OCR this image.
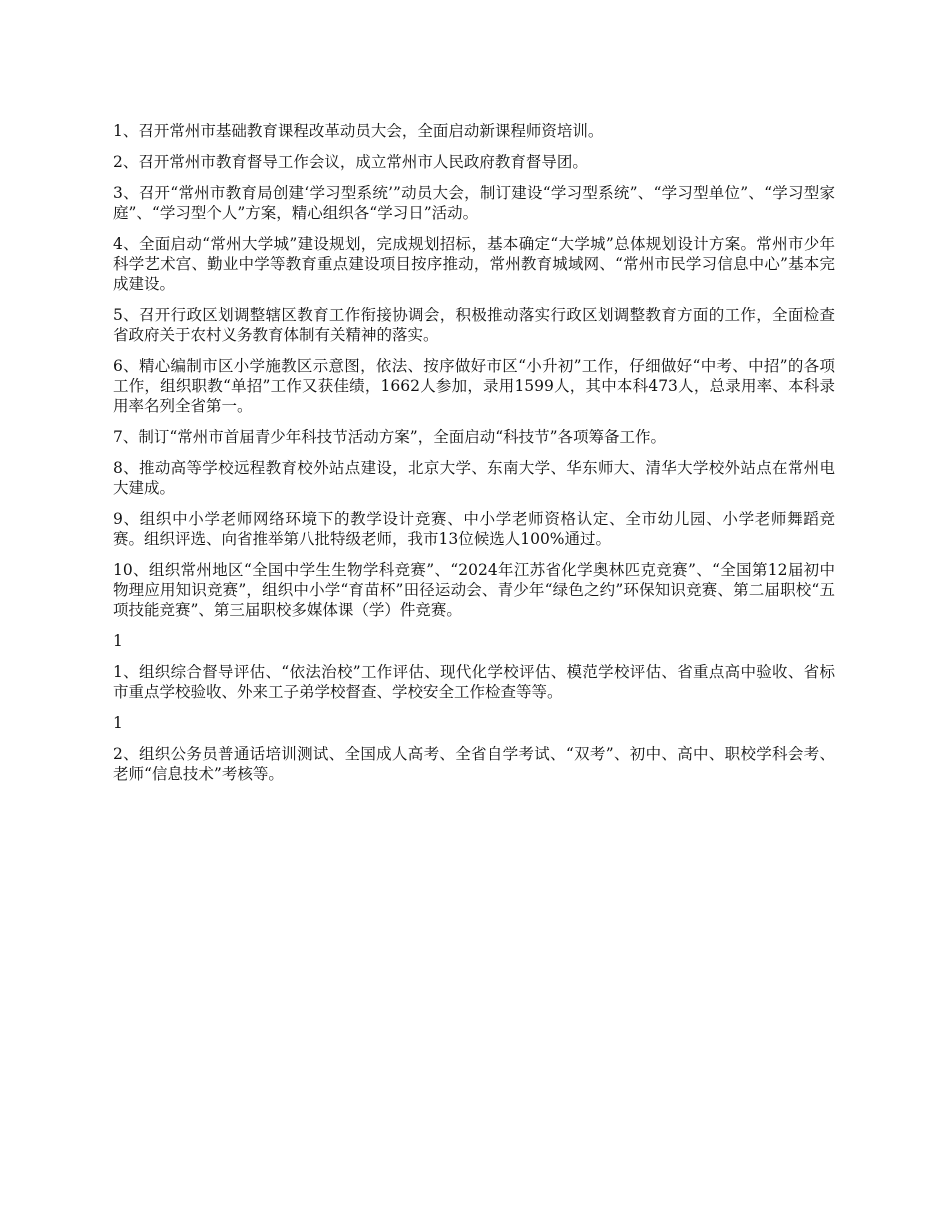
1、召开常州市基础教育课程改革动员大会，全面启动新课程师资培训。

2、召开常州市教育督导工作会议，成立常州市人民政府教育督导团。

3、召开“常州市教育局创建‘学习型系统’”动员大会，制订建设“学习型系统”、“学习型单位”、“学习型家庭”、“学习型个人”方案，精心组织各“学习日”活动。

4、全面启动“常州大学城”建设规划，完成规划招标，基本确定“大学城”总体规划设计方案。常州市少年科学艺术宫、勤业中学等教育重点建设项目按序推动，常州教育城域网、“常州市民学习信息中心”基本完成建设。

5、召开行政区划调整辖区教育工作衔接协调会，积极推动落实行政区划调整教育方面的工作，全面检查省政府关于农村义务教育体制有关精神的落实。

6、精心编制市区小学施教区示意图，依法、按序做好市区“小升初”工作，仔细做好“中考、中招”的各项工作，组织职教“单招”工作又获佳绩，1662人参加，录用1599人，其中本科473人，总录用率、本科录用率名列全省第一。

7、制订“常州市首届青少年科技节活动方案”，全面启动“科技节”各项筹备工作。

8、推动高等学校远程教育校外站点建设，北京大学、东南大学、华东师大、清华大学校外站点在常州电大建成。

9、组织中小学老师网络环境下的教学设计竞赛、中小学老师资格认定、全市幼儿园、小学老师舞蹈竞赛。组织评选、向省推举第八批特级老师，我市13位候选人100%通过。

10、组织常州地区“全国中学生生物学科竞赛”、“2024年江苏省化学奥林匹克竞赛”、“全国第12届初中物理应用知识竞赛”，组织中小学“育苗杯”田径运动会、青少年“绿色之约”环保知识竞赛、第二届职校“五项技能竞赛”、第三届职校多媒体课（学）件竞赛。

1

1、组织综合督导评估、“依法治校”工作评估、现代化学校评估、模范学校评估、省重点高中验收、省标市重点学校验收、外来工子弟学校督查、学校安全工作检查等等。

1

2、组织公务员普通话培训测试、全国成人高考、全省自学考试、“双考”、初中、高中、职校学科会考、老师“信息技术”考核等。
